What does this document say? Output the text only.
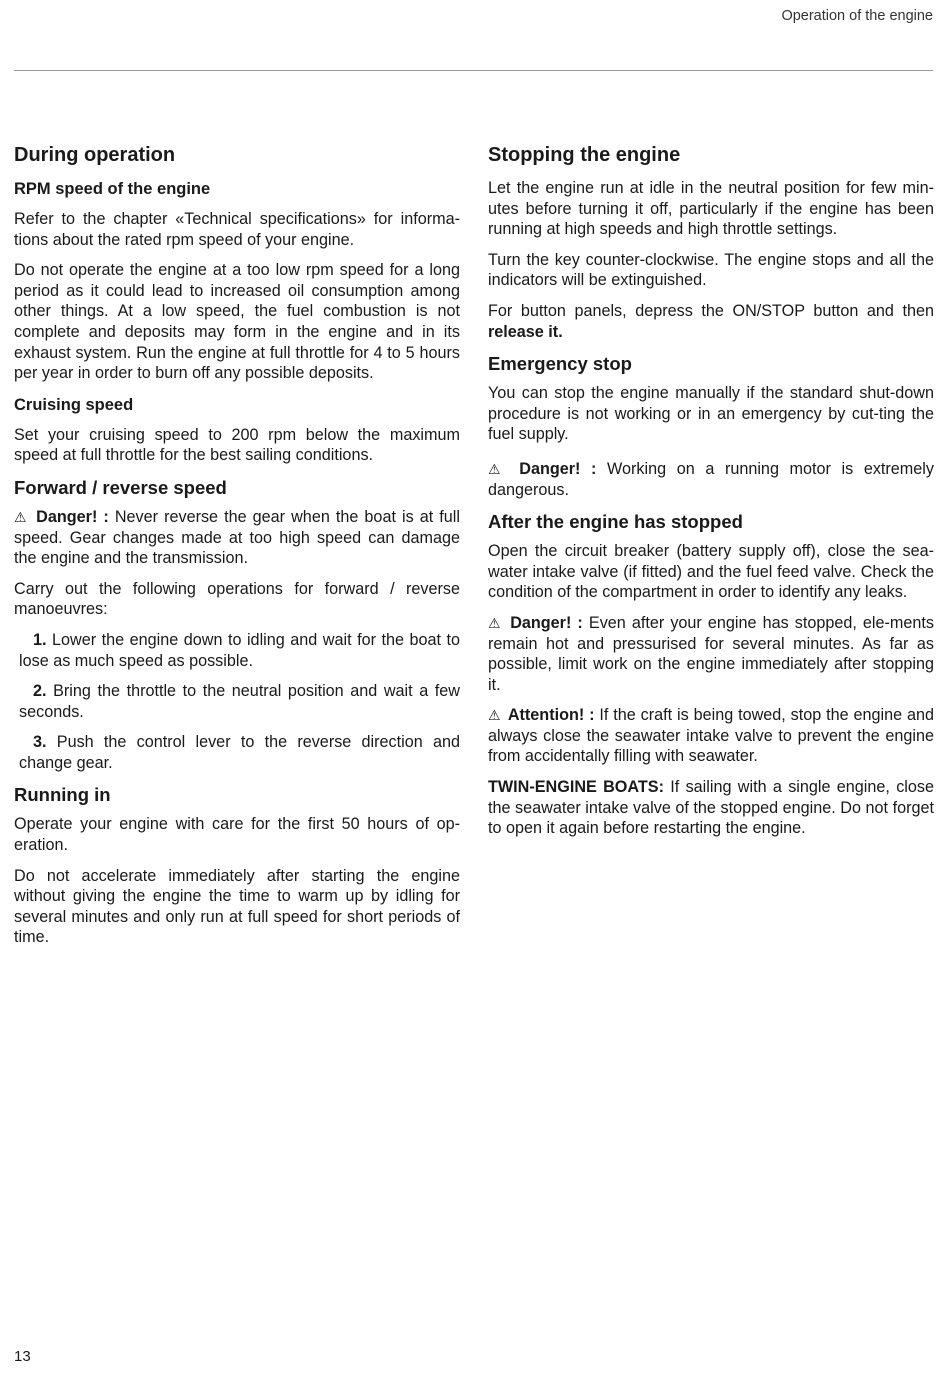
Operation of the engine
During operation
RPM speed of the engine

Refer to the chapter «Technical specifications» for informa-tions about the rated rpm speed of your engine.

Do not operate the engine at a too low rpm speed for a long period as it could lead to increased oil consumption among other things. At a low speed, the fuel combustion is not complete and deposits may form in the engine and in its exhaust system. Run the engine at full throttle for 4 to 5 hours per year in order to burn off any possible deposits.

Cruising speed

Set your cruising speed to 200 rpm below the maximum speed at full throttle for the best sailing conditions.

Forward / reverse speed

⚠ Danger! : Never reverse the gear when the boat is at full speed. Gear changes made at too high speed can damage the engine and the transmission.

Carry out the following operations for forward / reverse manoeuvres:

1. Lower the engine down to idling and wait for the boat to lose as much speed as possible.
2. Bring the throttle to the neutral position and wait a few seconds.
3. Push the control lever to the reverse direction and change gear.
Running in

Operate your engine with care for the first 50 hours of op-eration.

Do not accelerate immediately after starting the engine without giving the engine the time to warm up by idling for several minutes and only run at full speed for short periods of time.

Stopping the engine

Let the engine run at idle in the neutral position for few min-utes before turning it off, particularly if the engine has been running at high speeds and high throttle settings.

Turn the key counter-clockwise. The engine stops and all the indicators will be extinguished.

For button panels, depress the ON/STOP button and then release it.

Emergency stop

You can stop the engine manually if the standard shut-down procedure is not working or in an emergency by cut-ting the fuel supply.

⚠ Danger! : Working on a running motor is extremely dangerous.

After the engine has stopped

Open the circuit breaker (battery supply off), close the sea-water intake valve (if fitted) and the fuel feed valve. Check the condition of the compartment in order to identify any leaks.

⚠ Danger! : Even after your engine has stopped, ele-ments remain hot and pressurised for several minutes. As far as possible, limit work on the engine immediately after stopping it.

⚠ Attention! : If the craft is being towed, stop the engine and always close the seawater intake valve to prevent the engine from accidentally filling with seawater.

TWIN-ENGINE BOATS: If sailing with a single engine, close the seawater intake valve of the stopped engine. Do not forget to open it again before restarting the engine.

13
